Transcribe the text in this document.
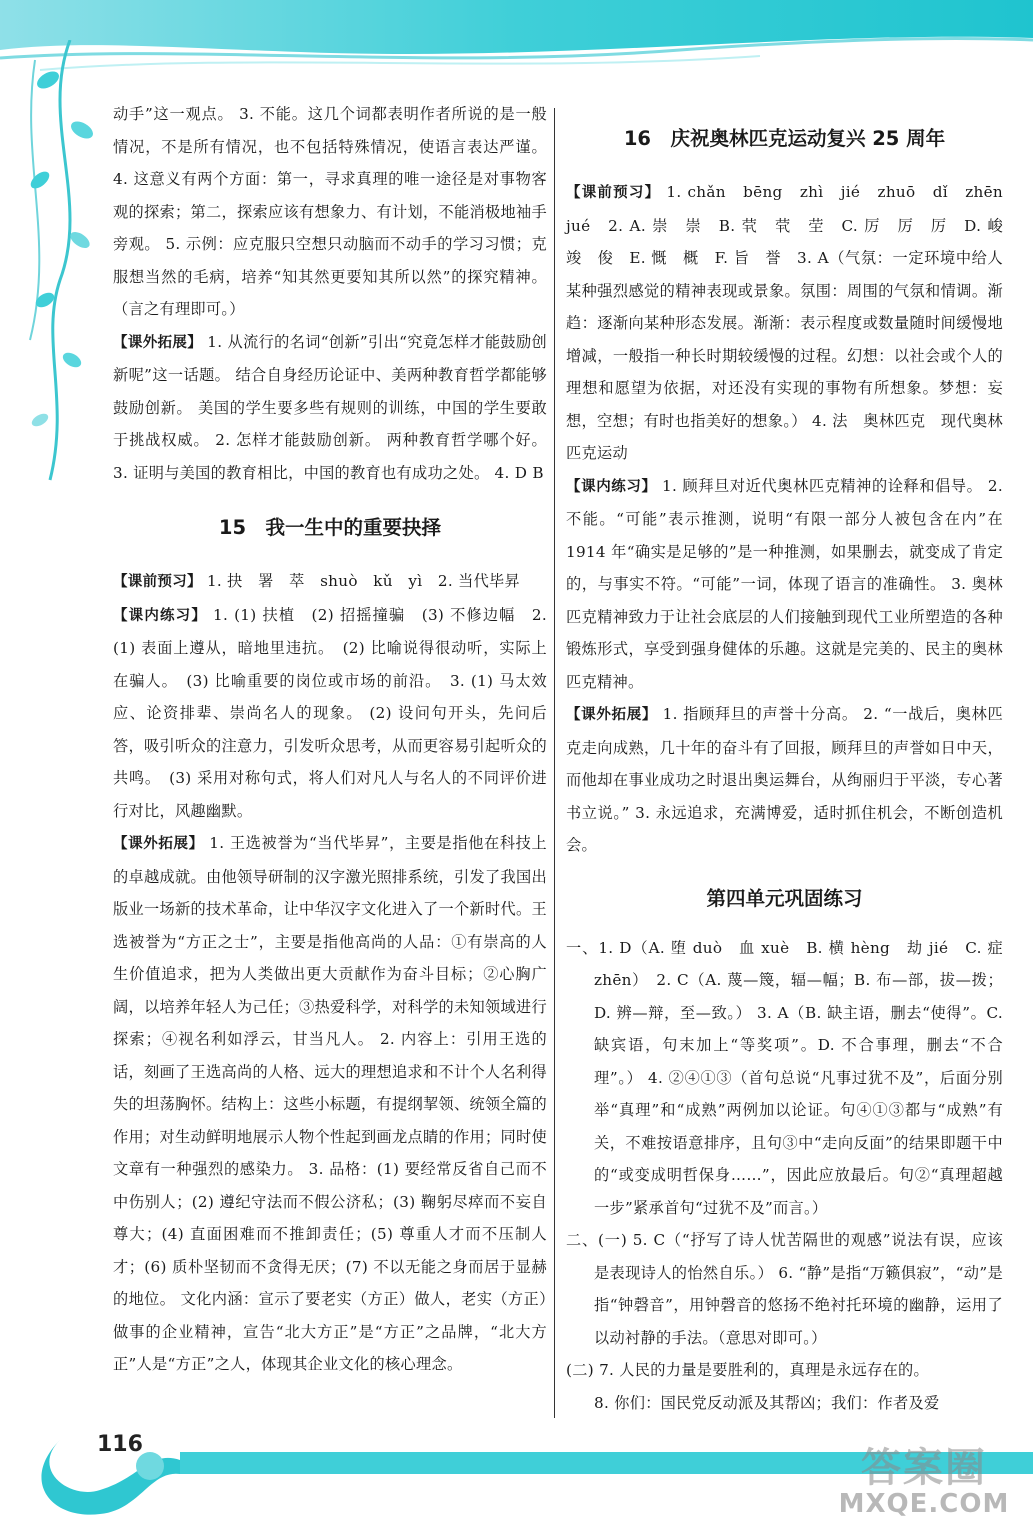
116
答案圈
MXQE.COM

动手”这一观点。 3. 不能。这几个词都表明作者所说的是一般情况，不是所有情况，也不包括特殊情况，使语言表达严谨。 4. 这意义有两个方面：第一，寻求真理的唯一途径是对事物客观的探索；第二，探索应该有想象力、有计划，不能消极地袖手旁观。 5. 示例：应克服只空想只动脑而不动手的学习习惯；克服想当然的毛病，培养“知其然更要知其所以然”的探究精神。（言之有理即可。）

【课外拓展】 1. 从流行的名词“创新”引出“究竟怎样才能鼓励创新呢”这一话题。 结合自身经历论证中、美两种教育哲学都能够鼓励创新。 美国的学生要多些有规则的训练，中国的学生要敢于挑战权威。 2. 怎样才能鼓励创新。 两种教育哲学哪个好。 3. 证明与美国的教育相比，中国的教育也有成功之处。 4. D B

15　我一生中的重要抉择

【课前预习】 1. 抉　署　萃　shuò　kǔ　yì　2. 当代毕昇

【课内练习】 1. (1) 扶植　(2) 招摇撞骗　(3) 不修边幅　2. (1) 表面上遵从，暗地里违抗。　(2) 比喻说得很动听，实际上在骗人。　(3) 比喻重要的岗位或市场的前沿。　3. (1) 马太效应、论资排辈、崇尚名人的现象。 (2) 设问句开头，先问后答，吸引听众的注意力，引发听众思考，从而更容易引起听众的共鸣。　(3) 采用对称句式，将人们对凡人与名人的不同评价进行对比，风趣幽默。

【课外拓展】 1. 王选被誉为“当代毕昇”，主要是指他在科技上的卓越成就。由他领导研制的汉字激光照排系统，引发了我国出版业一场新的技术革命，让中华汉字文化进入了一个新时代。王选被誉为“方正之士”，主要是指他高尚的人品：①有崇高的人生价值追求，把为人类做出更大贡献作为奋斗目标；②心胸广阔，以培养年轻人为己任；③热爱科学，对科学的未知领域进行探索；④视名利如浮云，甘当凡人。 2. 内容上：引用王选的话，刻画了王选高尚的人格、远大的理想追求和不计个人名利得失的坦荡胸怀。结构上：这些小标题，有提纲挈领、统领全篇的作用；对生动鲜明地展示人物个性起到画龙点睛的作用；同时使文章有一种强烈的感染力。 3. 品格：(1) 要经常反省自己而不中伤别人；(2) 遵纪守法而不假公济私；(3) 鞠躬尽瘁而不妄自尊大；(4) 直面困难而不推卸责任；(5) 尊重人才而不压制人才；(6) 质朴坚韧而不贪得无厌；(7) 不以无能之身而居于显赫的地位。 文化内涵：宣示了要老实（方正）做人，老实（方正）做事的企业精神，宣告“北大方正”是“方正”之品牌，“北大方正”人是“方正”之人，体现其企业文化的核心理念。

16　庆祝奥林匹克运动复兴 25 周年

【课前预习】 1. chǎn　bēng　zhì　jié　zhuō　dǐ　zhēn　jué　2. A. 崇　崇　B. 茕　茕　茔　C. 厉　厉　厉　D. 峻　竣　俊　E. 慨　概　F. 旨　誉　3. A（气氛：一定环境中给人某种强烈感觉的精神表现或景象。氛围：周围的气氛和情调。渐趋：逐渐向某种形态发展。渐渐：表示程度或数量随时间缓慢地增减，一般指一种长时期较缓慢的过程。幻想：以社会或个人的理想和愿望为依据，对还没有实现的事物有所想象。梦想：妄想，空想；有时也指美好的想象。） 4. 法　奥林匹克　现代奥林匹克运动

【课内练习】 1. 顾拜旦对近代奥林匹克精神的诠释和倡导。 2. 不能。“可能”表示推测，说明“有限一部分人被包含在内”在 1914 年“确实是足够的”是一种推测，如果删去，就变成了肯定的，与事实不符。“可能”一词，体现了语言的准确性。 3. 奥林匹克精神致力于让社会底层的人们接触到现代工业所塑造的各种锻炼形式，享受到强身健体的乐趣。这就是完美的、民主的奥林匹克精神。

【课外拓展】 1. 指顾拜旦的声誉十分高。 2. “一战后，奥林匹克走向成熟，几十年的奋斗有了回报，顾拜旦的声誉如日中天，而他却在事业成功之时退出奥运舞台，从绚丽归于平淡，专心著书立说。” 3. 永远追求，充满博爱，适时抓住机会，不断创造机会。

第四单元巩固练习

一、1. D（A. 堕 duò　血 xuè　B. 横 hèng　劫 jié　C. 症 zhēn）　2. C（A. 蔑—篾，辐—幅；B. 布—部，拔—拨；D. 辨—辩，至—致。） 3. A（B. 缺主语，删去“使得”。C. 缺宾语，句末加上“等奖项”。D. 不合事理，删去“不合理”。） 4. ②④①③（首句总说“凡事过犹不及”，后面分别举“真理”和“成熟”两例加以论证。句④①③都与“成熟”有关，不难按语意排序，且句③中“走向反面”的结果即题干中的“或变成明哲保身……”，因此应放最后。句②“真理超越一步”紧承首句“过犹不及”而言。）

二、(一) 5. C（“抒写了诗人忧苦隔世的观感”说法有误，应该是表现诗人的怡然自乐。） 6. “静”是指“万籁俱寂”，“动”是指“钟磬音”，用钟磬音的悠扬不绝衬托环境的幽静，运用了以动衬静的手法。（意思对即可。）

(二) 7. 人民的力量是要胜利的，真理是永远存在的。

8. 你们：国民党反动派及其帮凶；我们：作者及爱
